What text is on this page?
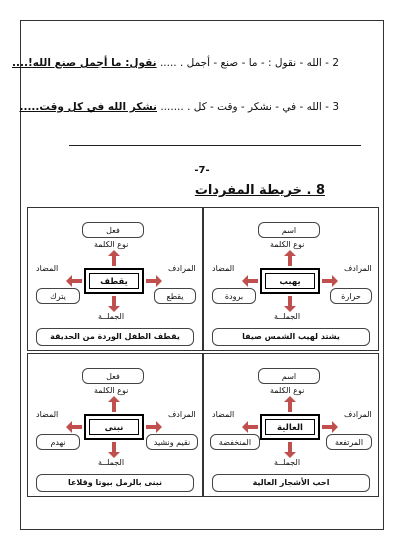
2 - الله - نقول : - ما - صنع - أجمل . ..... نقول: ما أجمل صنع الله!....
3 - الله - في - نشكر - وقت - كل . ....... نشكر الله في كل وقت.....
-7-
8 . خريطة المفردات
اسم
نوع الكلمة
المرادف
المضاد
يهبب
حرارة
برودة
الجملــة
يشتد لهيب الشمس صيفا
فعل
نوع الكلمة
المرادف
المضاد
يقطف
يقطع
يترك
الجملــة
يقطف الطفل الوردة من الحديقة
اسم
نوع الكلمة
المرادف
المضاد
العالية
المرتفعة
المنخفضة
الجملــة
احب الأشجار العالية
فعل
نوع الكلمة
المرادف
المضاد
نبنى
نقيم ونشيد
نهدم
الجملــة
نبنى بالرمل بيوتا وقلاعا
